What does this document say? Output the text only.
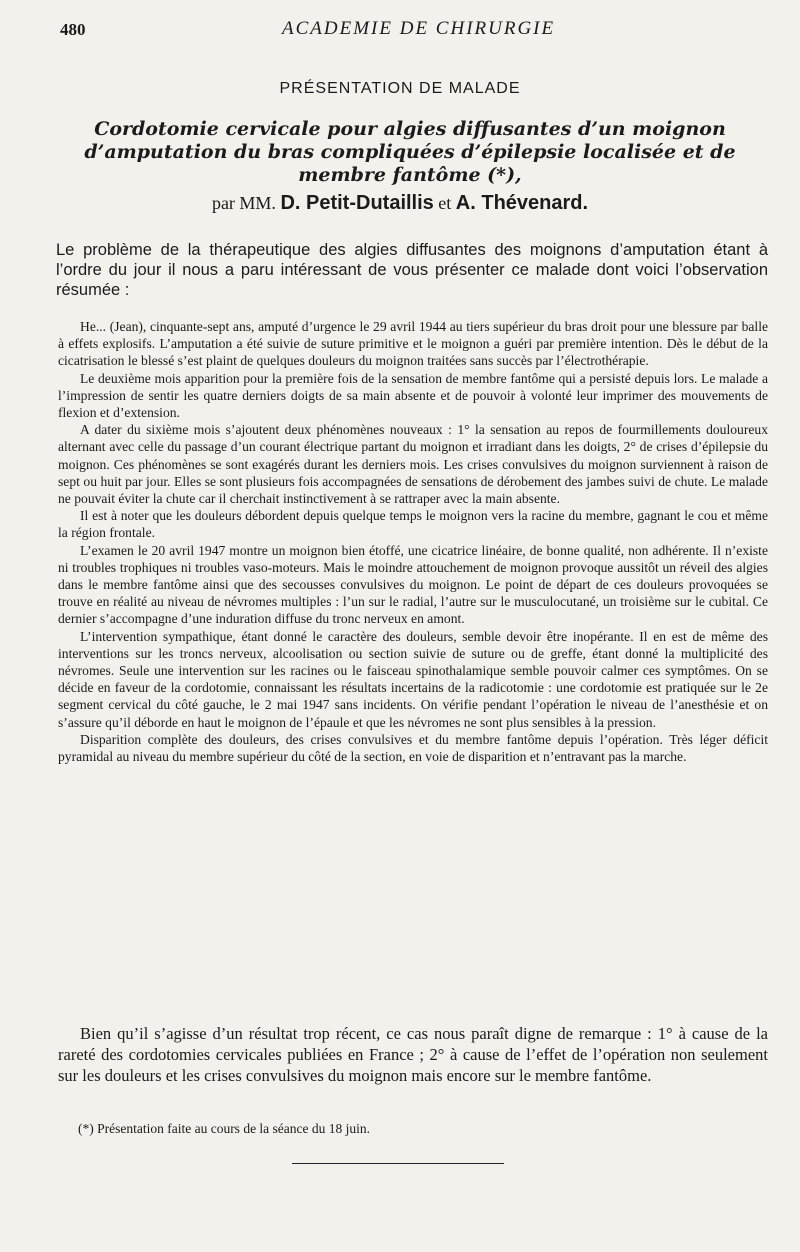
480	ACADEMIE DE CHIRURGIE
PRÉSENTATION DE MALADE
Cordotomie cervicale pour algies diffusantes d’un moignon d’amputation du bras compliquées d’épilepsie localisée et de membre fantôme (*),
par MM. D. Petit-Dutaillis et A. Thévenard.

Le problème de la thérapeutique des algies diffusantes des moignons d’amputation étant à l’ordre du jour il nous a paru intéressant de vous présenter ce malade dont voici l’observation résumée :

He... (Jean), cinquante-sept ans, amputé d’urgence le 29 avril 1944 au tiers supérieur du bras droit pour une blessure par balle à effets explosifs. L’amputation a été suivie de suture primitive et le moignon a guéri par première intention. Dès le début de la cicatrisation le blessé s’est plaint de quelques douleurs du moignon traitées sans succès par l’électrothérapie.

Le deuxième mois apparition pour la première fois de la sensation de membre fantôme qui a persisté depuis lors. Le malade a l’impression de sentir les quatre derniers doigts de sa main absente et de pouvoir à volonté leur imprimer des mouvements de flexion et d’extension.

A dater du sixième mois s’ajoutent deux phénomènes nouveaux : 1° la sensation au repos de fourmillements douloureux alternant avec celle du passage d’un courant électrique partant du moignon et irradiant dans les doigts, 2° de crises d’épilepsie du moignon. Ces phénomènes se sont exagérés durant les derniers mois. Les crises convulsives du moignon surviennent à raison de sept ou huit par jour. Elles se sont plusieurs fois accompagnées de sensations de dérobement des jambes suivi de chute. Le malade ne pouvait éviter la chute car il cherchait instinctivement à se rattraper avec la main absente.

Il est à noter que les douleurs débordent depuis quelque temps le moignon vers la racine du membre, gagnant le cou et même la région frontale.

L’examen le 20 avril 1947 montre un moignon bien étoffé, une cicatrice linéaire, de bonne qualité, non adhérente. Il n’existe ni troubles trophiques ni troubles vaso-moteurs. Mais le moindre attouchement de moignon provoque aussitôt un réveil des algies dans le membre fantôme ainsi que des secousses convulsives du moignon. Le point de départ de ces douleurs provoquées se trouve en réalité au niveau de névromes multiples : l’un sur le radial, l’autre sur le musculocutané, un troisième sur le cubital. Ce dernier s’accompagne d’une induration diffuse du tronc nerveux en amont.

L’intervention sympathique, étant donné le caractère des douleurs, semble devoir être inopérante. Il en est de même des interventions sur les troncs nerveux, alcoolisation ou section suivie de suture ou de greffe, étant donné la multiplicité des névromes. Seule une intervention sur les racines ou le faisceau spinothalamique semble pouvoir calmer ces symptômes. On se décide en faveur de la cordotomie, connaissant les résultats incertains de la radicotomie : une cordotomie est pratiquée sur le 2e segment cervical du côté gauche, le 2 mai 1947 sans incidents. On vérifie pendant l’opération le niveau de l’anesthésie et on s’assure qu’il déborde en haut le moignon de l’épaule et que les névromes ne sont plus sensibles à la pression.

Disparition complète des douleurs, des crises convulsives et du membre fantôme depuis l’opération. Très léger déficit pyramidal au niveau du membre supérieur du côté de la section, en voie de disparition et n’entravant pas la marche.

Bien qu’il s’agisse d’un résultat trop récent, ce cas nous paraît digne de remarque : 1° à cause de la rareté des cordotomies cervicales publiées en France ; 2° à cause de l’effet de l’opération non seulement sur les douleurs et les crises convulsives du moignon mais encore sur le membre fantôme.

(*) Présentation faite au cours de la séance du 18 juin.
